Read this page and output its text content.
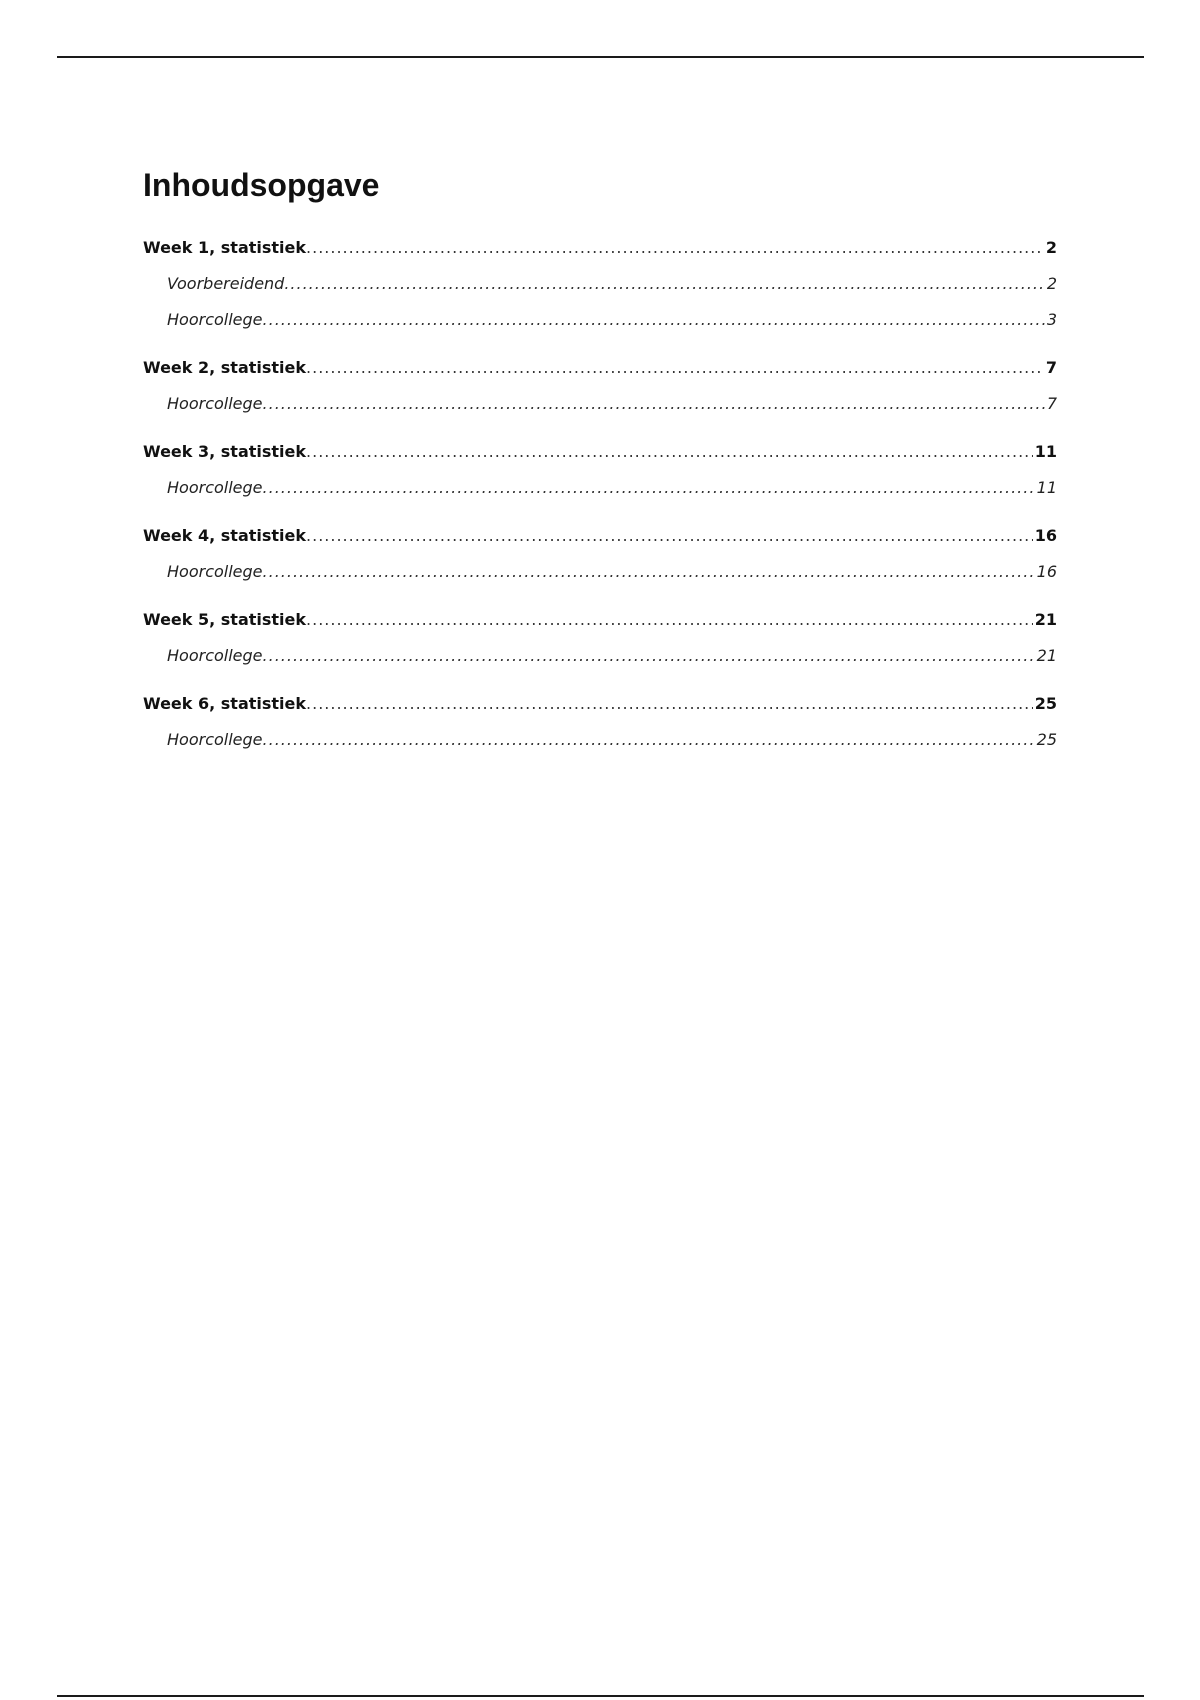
Inhoudsopgave
Week 1, statistiek .....	2
Voorbereidend .....	2
Hoorcollege .....	3
Week 2, statistiek .....	7
Hoorcollege .....	7
Week 3, statistiek .....	11
Hoorcollege .....	11
Week 4, statistiek .....	16
Hoorcollege .....	16
Week 5, statistiek .....	21
Hoorcollege .....	21
Week 6, statistiek .....	25
Hoorcollege .....	25
